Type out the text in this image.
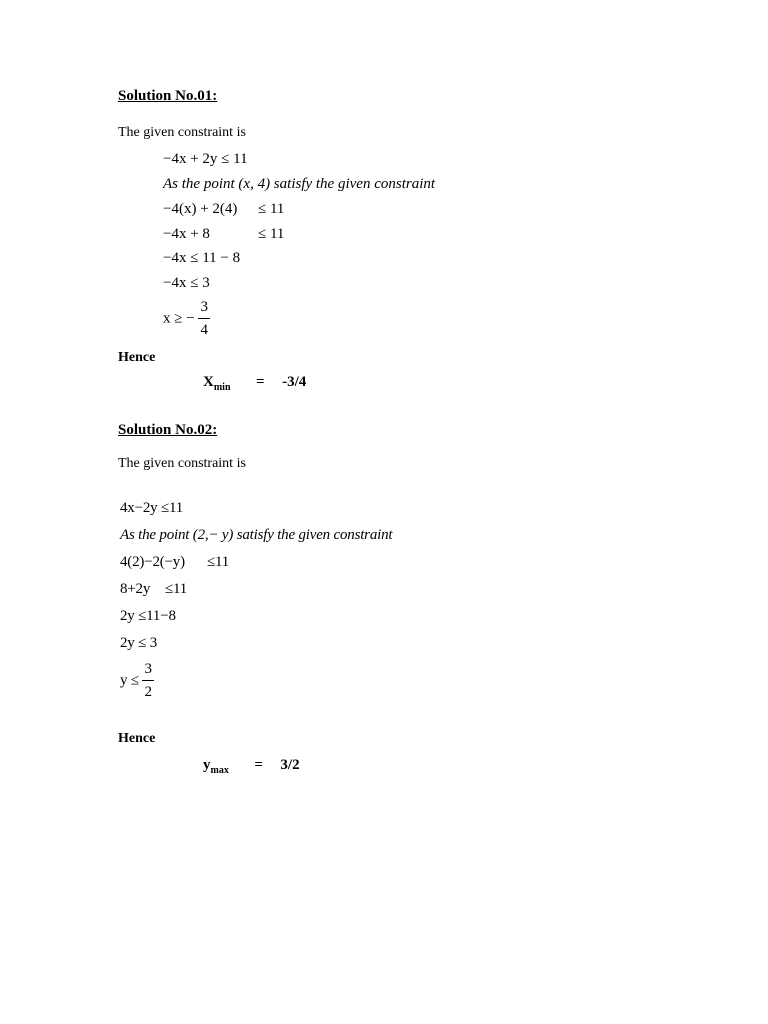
Solution No.01:
The given constraint is
−4x + 2y ≤ 11
As the point (x, 4) satisfy the given constraint
−4(x) + 2(4) ≤ 11
−4x + 8	≤ 11
−4x ≤ 11 − 8
−4x ≤ 3
x ≥ − $\frac{3}{4}$
Hence
$X_{min} = -3/4$
Solution No.02:
The given constraint is
4x−2y ≤11
As the point (2,− y) satisfy the given constraint
4(2)−2(−y) ≤11
8+2y ≤11
2y ≤11−8
2y ≤ 3
$y \le \frac{3}{2}$
Hence
$y_{max} = 3/2$
